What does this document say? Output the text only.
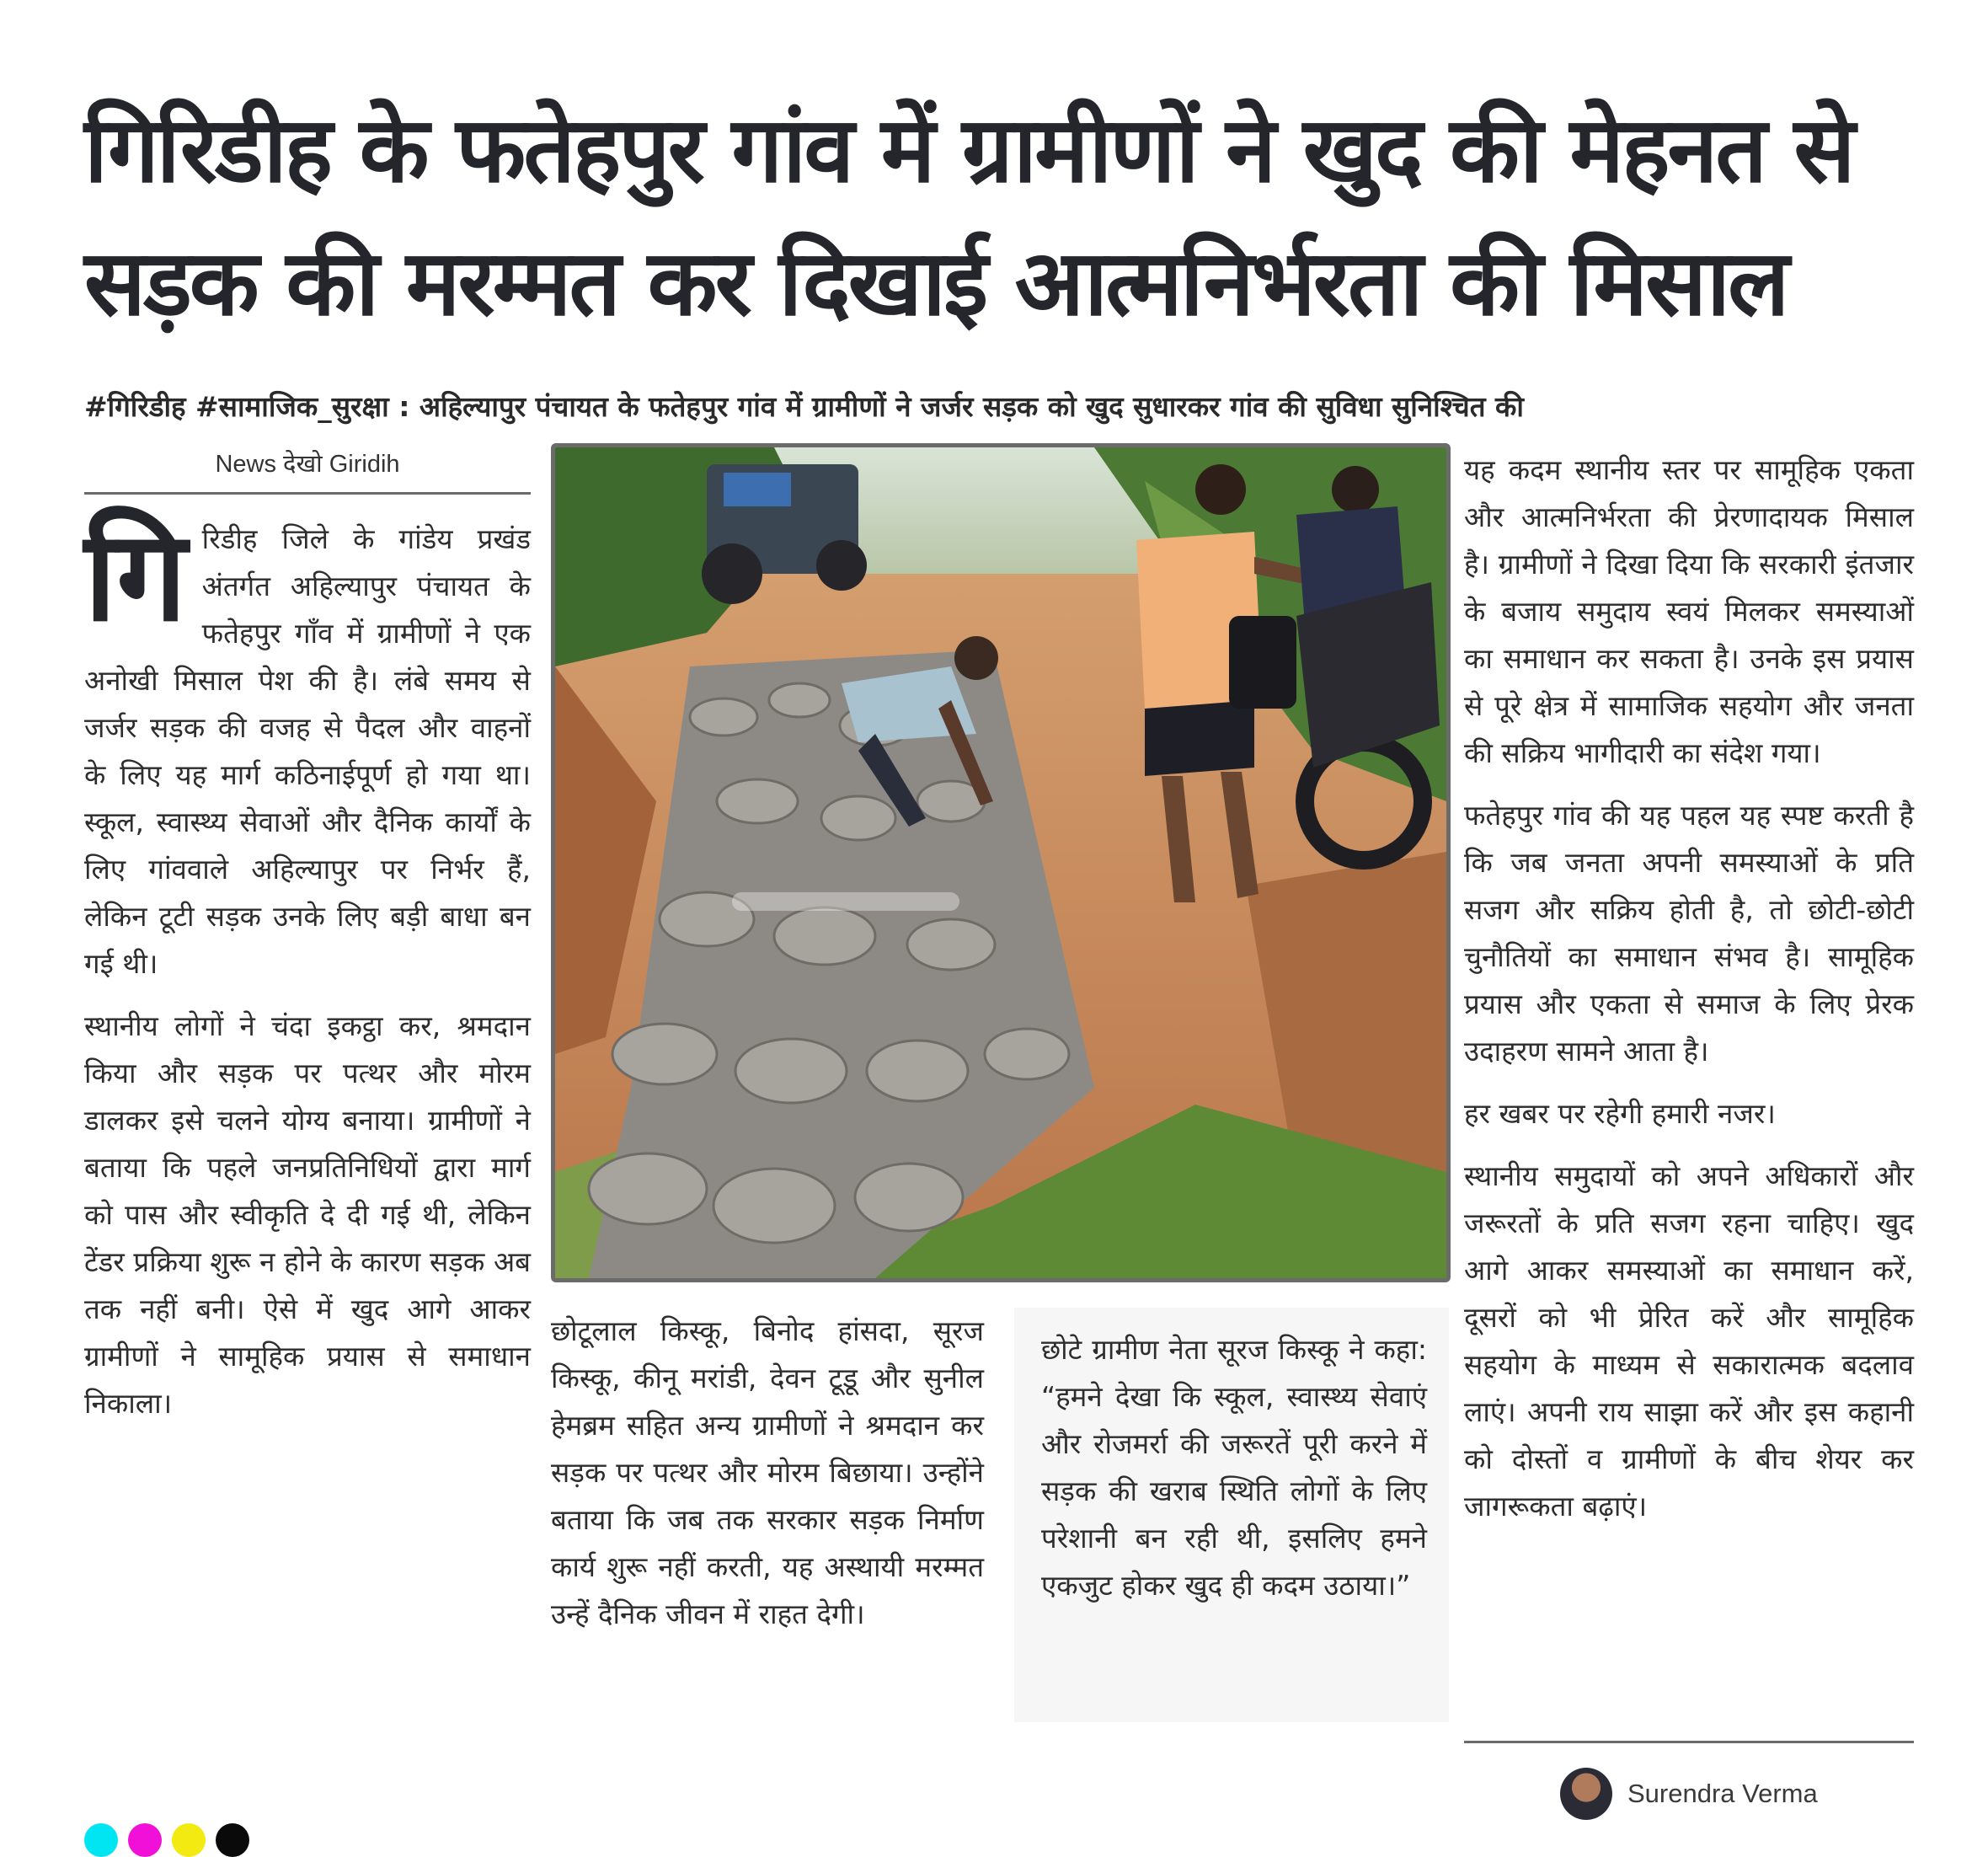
गिरिडीह के फतेहपुर गांव में ग्रामीणों ने खुद की मेहनत से
सड़क की मरम्मत कर दिखाई आत्मनिर्भरता की मिसाल
#गिरिडीह #सामाजिक_सुरक्षा : अहिल्यापुर पंचायत के फतेहपुर गांव में ग्रामीणों ने जर्जर सड़क को खुद सुधारकर गांव की सुविधा सुनिश्चित की
News देखो Giridih

गि रिडीह जिले के गांडेय प्रखंड अंतर्गत अहिल्यापुर पंचायत के फतेहपुर गाँव में ग्रामीणों ने एक अनोखी मिसाल पेश की है। लंबे समय से जर्जर सड़क की वजह से पैदल और वाहनों के लिए यह मार्ग कठिनाईपूर्ण हो गया था। स्कूल, स्वास्थ्य सेवाओं और दैनिक कार्यों के लिए गांववाले अहिल्यापुर पर निर्भर हैं, लेकिन टूटी सड़क उनके लिए बड़ी बाधा बन गई थी।

स्थानीय लोगों ने चंदा इकट्ठा कर, श्रमदान किया और सड़क पर पत्थर और मोरम डालकर इसे चलने योग्य बनाया। ग्रामीणों ने बताया कि पहले जनप्रतिनिधियों द्वारा मार्ग को पास और स्वीकृति दे दी गई थी, लेकिन टेंडर प्रक्रिया शुरू न होने के कारण सड़क अब तक नहीं बनी। ऐसे में खुद आगे आकर ग्रामीणों ने सामूहिक प्रयास से समाधान निकाला।

छोटूलाल किस्कू, बिनोद हांसदा, सूरज किस्कू, कीनू मरांडी, देवन टूडू और सुनील हेमब्रम सहित अन्य ग्रामीणों ने श्रमदान कर सड़क पर पत्थर और मोरम बिछाया। उन्होंने बताया कि जब तक सरकार सड़क निर्माण कार्य शुरू नहीं करती, यह अस्थायी मरम्मत उन्हें दैनिक जीवन में राहत देगी।

छोटे ग्रामीण नेता सूरज किस्कू ने कहा: “हमने देखा कि स्कूल, स्वास्थ्य सेवाएं और रोजमर्रा की जरूरतें पूरी करने में सड़क की खराब स्थिति लोगों के लिए परेशानी बन रही थी, इसलिए हमने एकजुट होकर खुद ही कदम उठाया।”

यह कदम स्थानीय स्तर पर सामूहिक एकता और आत्मनिर्भरता की प्रेरणादायक मिसाल है। ग्रामीणों ने दिखा दिया कि सरकारी इंतजार के बजाय समुदाय स्वयं मिलकर समस्याओं का समाधान कर सकता है। उनके इस प्रयास से पूरे क्षेत्र में सामाजिक सहयोग और जनता की सक्रिय भागीदारी का संदेश गया।

फतेहपुर गांव की यह पहल यह स्पष्ट करती है कि जब जनता अपनी समस्याओं के प्रति सजग और सक्रिय होती है, तो छोटी-छोटी चुनौतियों का समाधान संभव है। सामूहिक प्रयास और एकता से समाज के लिए प्रेरक उदाहरण सामने आता है।

हर खबर पर रहेगी हमारी नजर।

स्थानीय समुदायों को अपने अधिकारों और जरूरतों के प्रति सजग रहना चाहिए। खुद आगे आकर समस्याओं का समाधान करें, दूसरों को भी प्रेरित करें और सामूहिक सहयोग के माध्यम से सकारात्मक बदलाव लाएं। अपनी राय साझा करें और इस कहानी को दोस्तों व ग्रामीणों के बीच शेयर कर जागरूकता बढ़ाएं।

Surendra Verma
